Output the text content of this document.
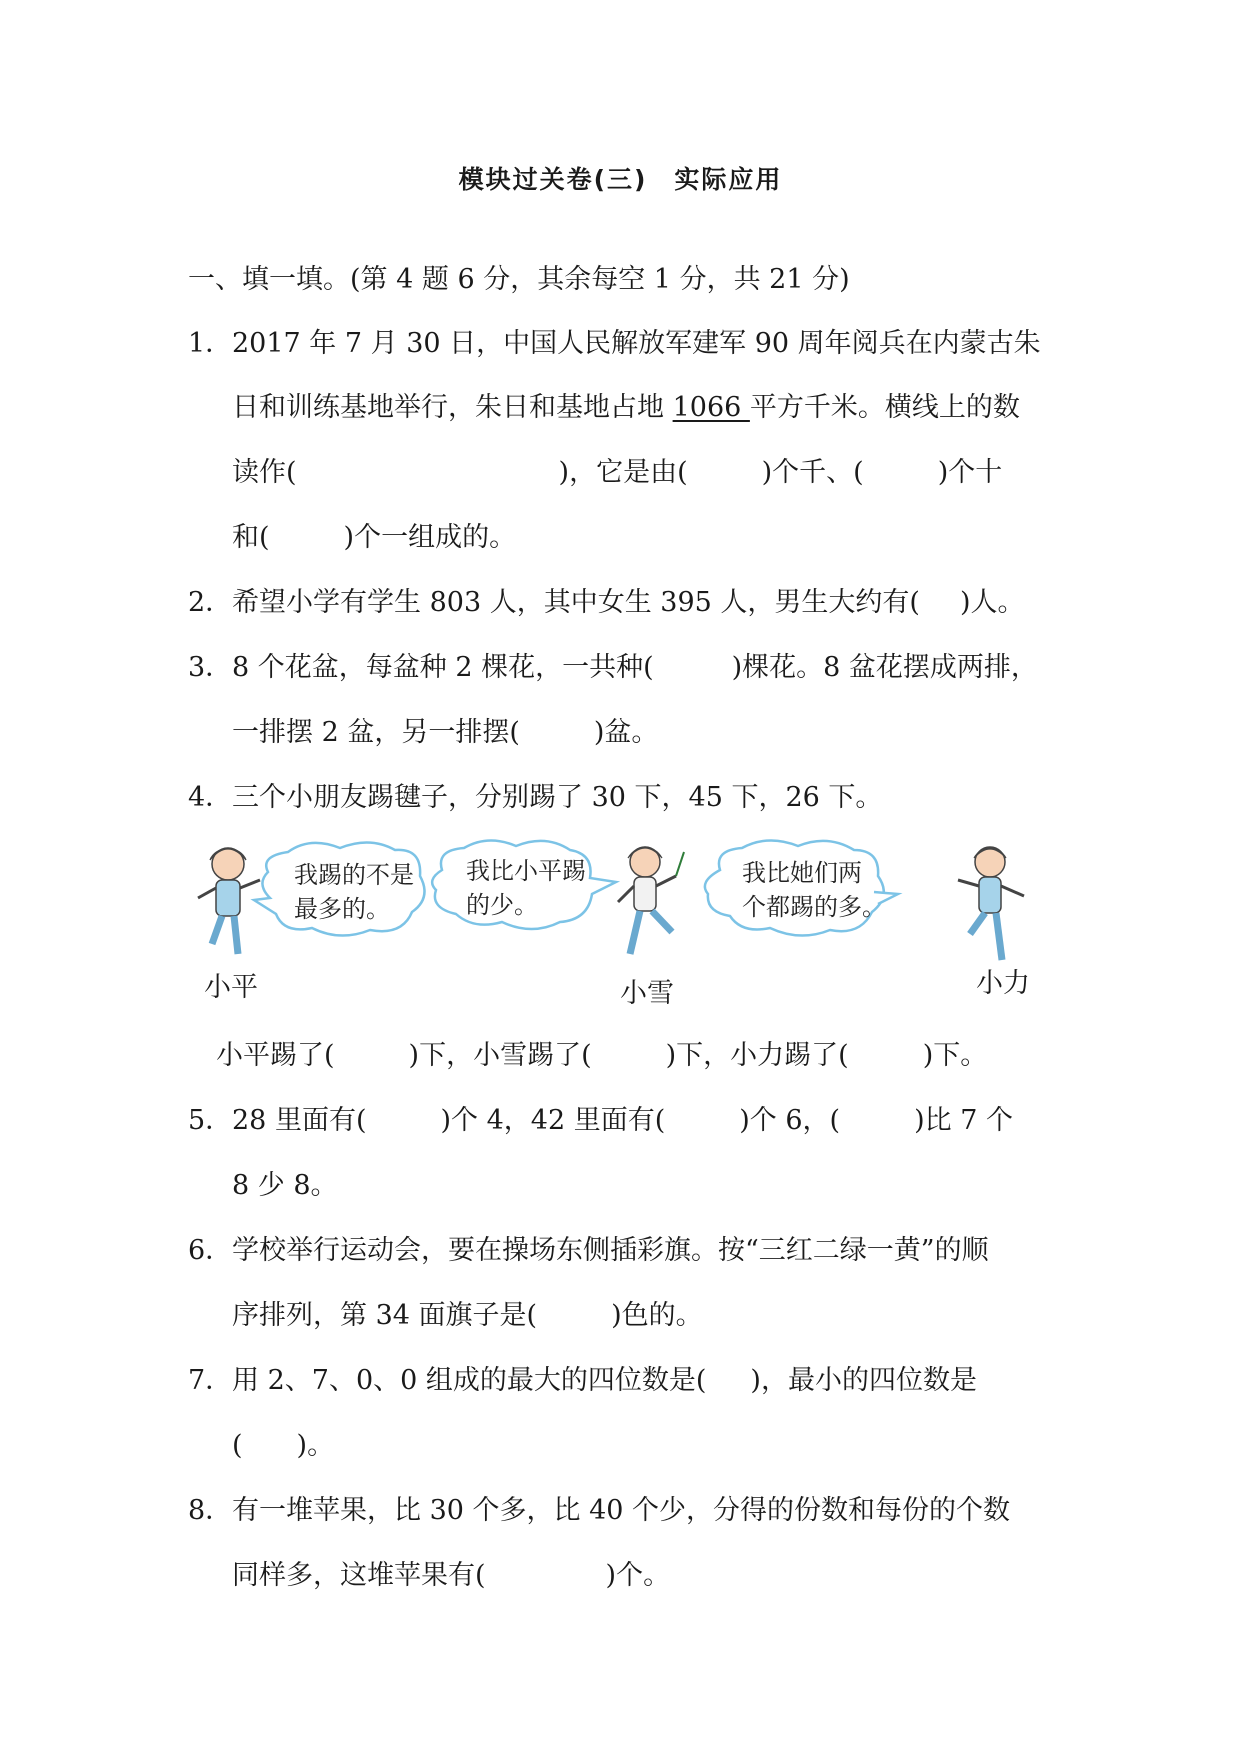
模块过关卷(三)　实际应用
一、填一填。(第 4 题 6 分，其余每空 1 分，共 21 分)
1．2017 年 7 月 30 日，中国人民解放军建军 90 周年阅兵在内蒙古朱
日和训练基地举行，朱日和基地占地 1066 平方千米。横线上的数
读作(	)，它是由(	)个千、(	)个十
和(	)个一组成的。
2．希望小学有学生 803 人，其中女生 395 人，男生大约有( )人。
3．8 个花盆，每盆种 2 棵花，一共种(	)棵花。8 盆花摆成两排，
一排摆 2 盆，另一排摆(	)盆。
4．三个小朋友踢毽子，分别踢了 30 下，45 下，26 下。
我踢的不是
最多的。
我比小平踢
的少。
我比她们两
个都踢的多。
小平	小雪	小力
小平踢了(	)下，小雪踢了(	)下，小力踢了(	)下。
5．28 里面有(	)个 4，42 里面有(	)个 6，(	)比 7 个
8 少 8。
6．学校举行运动会，要在操场东侧插彩旗。按“三红二绿一黄”的顺
序排列，第 34 面旗子是(	)色的。
7．用 2、7、0、0 组成的最大的四位数是( )，最小的四位数是
( )。
8．有一堆苹果，比 30 个多，比 40 个少，分得的份数和每份的个数
同样多，这堆苹果有(	)个。
